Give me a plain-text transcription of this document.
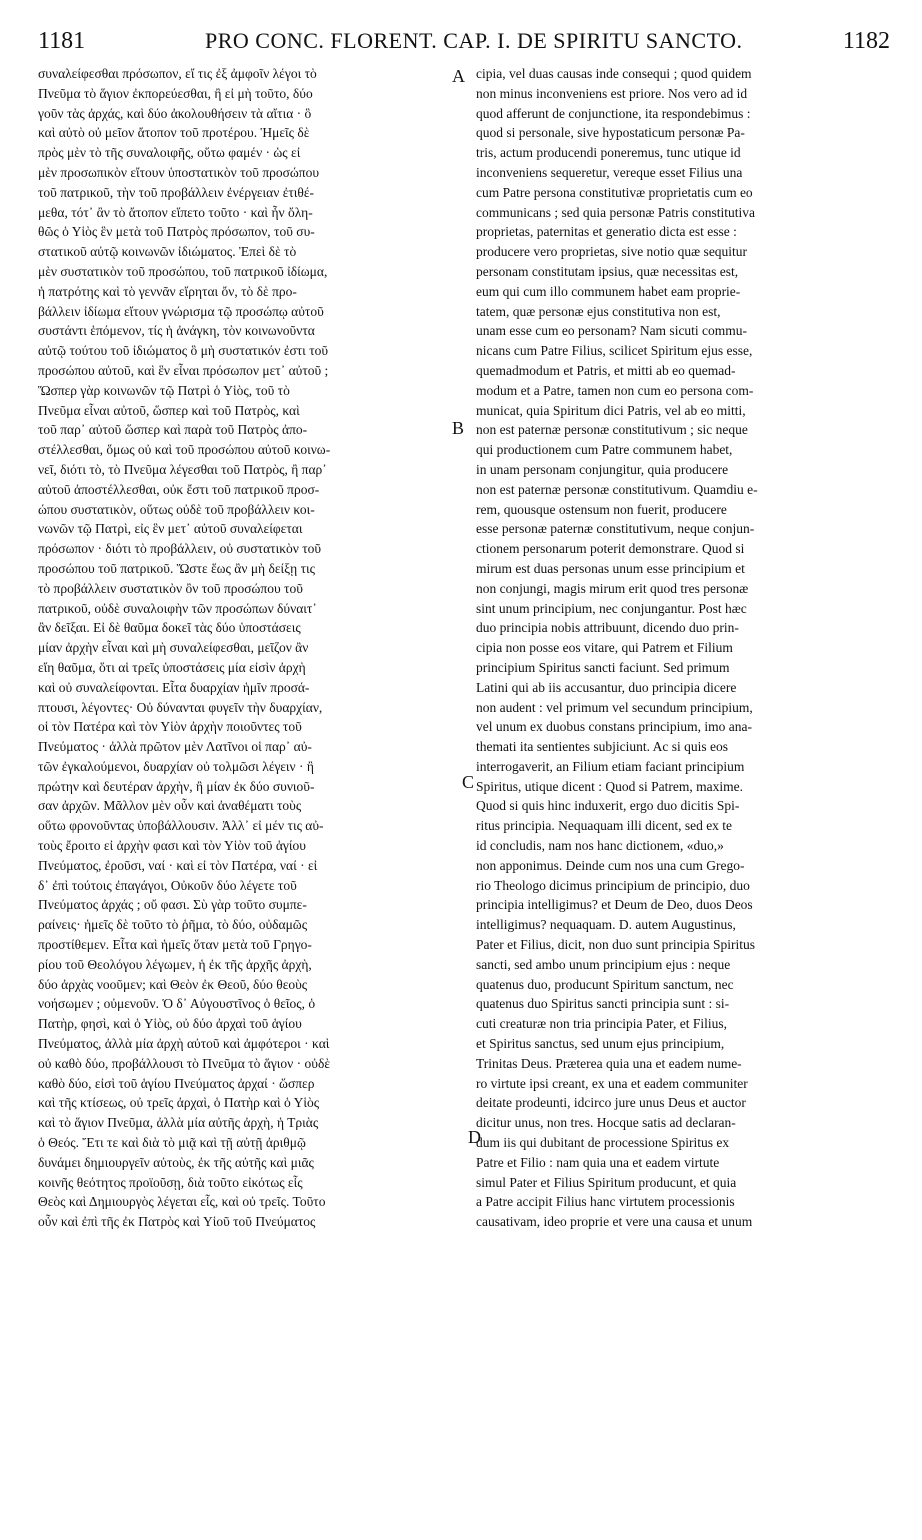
1181	PRO CONC. FLORENT. CAP. I. DE SPIRITU SANCTO.	1182
συναλείφεσθαι πρόσωπον, εἴ τις ἐξ ἀμφοῖν λέγοι τὸ
Πνεῦμα τὸ ἅγιον ἐκπορεύεσθαι, ἢ εἰ μὴ τοῦτο, δύο
γοῦν τὰς ἀρχάς, καὶ δύο ἀκολουθήσειν τὰ αἴτια · ὃ
καὶ αὐτὸ οὐ μεῖον ἄτοπον τοῦ προτέρου. Ἡμεῖς δὲ
πρὸς μὲν τὸ τῆς συναλοιφῆς, οὕτω φαμέν · ὡς εἰ
μὲν προσωπικὸν εἴτουν ὑποστατικὸν τοῦ προσώπου
τοῦ πατρικοῦ, τὴν τοῦ προβάλλειν ἐνέργειαν ἐτιθέ-
μεθα, τότ᾽ ἂν τὸ ἄτοπον εἵπετο τοῦτο · καὶ ἦν ὄλη-
θῶς ὁ Υἱὸς ἓν μετὰ τοῦ Πατρὸς πρόσωπον, τοῦ συ-
στατικοῦ αὐτῷ κοινωνῶν ἰδιώματος. Ἐπεὶ δὲ τὸ
μὲν συστατικὸν τοῦ προσώπου, τοῦ πατρικοῦ ἰδίωμα,
ἡ πατρότης καὶ τὸ γεννᾶν εἴρηται ὄν, τὸ δὲ προ-
βάλλειν ἰδίωμα εἴτουν γνώρισμα τῷ προσώπῳ αὐτοῦ
συστάντι ἑπόμενον, τίς ἡ ἀνάγκη, τὸν κοινωνοῦντα
αὐτῷ τούτου τοῦ ἰδιώματος ὃ μὴ συστατικόν ἐστι τοῦ
προσώπου αὐτοῦ, καὶ ἓν εἶναι πρόσωπον μετ᾽ αὐτοῦ ;
Ὥσπερ γὰρ κοινωνῶν τῷ Πατρὶ ὁ Υἱὸς, τοῦ τὸ
Πνεῦμα εἶναι αὐτοῦ, ὥσπερ καὶ τοῦ Πατρὸς, καὶ
τοῦ παρ᾽ αὐτοῦ ὥσπερ καὶ παρὰ τοῦ Πατρὸς ἀπο-
στέλλεσθαι, ὅμως οὐ καὶ τοῦ προσώπου αὐτοῦ κοινω-
νεῖ, διότι τὸ, τὸ Πνεῦμα λέγεσθαι τοῦ Πατρὸς, ἢ παρ᾽
αὐτοῦ ἀποστέλλεσθαι, οὐκ ἔστι τοῦ πατρικοῦ προσ-
ώπου συστατικὸν, οὕτως οὐδὲ τοῦ προβάλλειν κοι-
νωνῶν τῷ Πατρὶ, εἰς ἓν μετ᾽ αὐτοῦ συναλείφεται
πρόσωπον · διότι τὸ προβάλλειν, οὐ συστατικὸν τοῦ
προσώπου τοῦ πατρικοῦ. Ὥστε ἕως ἂν μὴ δείξῃ τις
τὸ προβάλλειν συστατικὸν ὂν τοῦ προσώπου τοῦ
πατρικοῦ, οὐδὲ συναλοιφὴν τῶν προσώπων δύναιτ᾽
ἂν δεῖξαι. Εἰ δὲ θαῦμα δοκεῖ τὰς δύο ὑποστάσεις
μίαν ἀρχὴν εἶναι καὶ μὴ συναλείφεσθαι, μεῖζον ἂν
εἴη θαῦμα, ὅτι αἱ τρεῖς ὑποστάσεις μία εἰσὶν ἀρχὴ
καὶ οὐ συναλείφονται. Εἶτα δυαρχίαν ἡμῖν προσά-
πτουσι, λέγοντες· Οὐ δύνανται φυγεῖν τὴν δυαρχίαν,
οἱ τὸν Πατέρα καὶ τὸν Υἱὸν ἀρχὴν ποιοῦντες τοῦ
Πνεύματος · ἀλλὰ πρῶτον μὲν Λατῖνοι οἱ παρ᾽ αὐ-
τῶν ἐγκαλούμενοι, δυαρχίαν οὐ τολμῶσι λέγειν · ἢ
πρώτην καὶ δευτέραν ἀρχὴν, ἢ μίαν ἐκ δύο συνιοῦ-
σαν ἀρχῶν. Μᾶλλον μὲν οὖν καὶ ἀναθέματι τοὺς
οὕτω φρονοῦντας ὑποβάλλουσιν. Ἀλλ᾽ εἰ μέν τις αὐ-
τοὺς ἔροιτο εἰ ἀρχὴν φασι καὶ τὸν Υἱὸν τοῦ ἁγίου
Πνεύματος, ἐροῦσι, ναί · καὶ εἰ τὸν Πατέρα, ναί · εἰ
δ᾽ ἐπὶ τούτοις ἐπαγάγοι, Οὐκοῦν δύο λέγετε τοῦ
Πνεύματος ἀρχάς ; οὔ φασι. Σὺ γὰρ τοῦτο συμπε-
ραίνεις· ἡμεῖς δὲ τοῦτο τὸ ῥῆμα, τὸ δύο, οὐδαμῶς
προστίθεμεν. Εἶτα καὶ ἡμεῖς ὅταν μετὰ τοῦ Γρηγο-
ρίου τοῦ Θεολόγου λέγωμεν, ἡ ἐκ τῆς ἀρχῆς ἀρχὴ,
δύο ἀρχὰς νοοῦμεν; καὶ Θεὸν ἐκ Θεοῦ, δύο θεοὺς
νοήσωμεν ; οὐμενοῦν. Ὁ δ᾽ Αὐγουστῖνος ὁ θεῖος, ὁ
Πατὴρ, φησὶ, καὶ ὁ Υἱὸς, οὐ δύο ἀρχαὶ τοῦ ἁγίου
Πνεύματος, ἀλλὰ μία ἀρχὴ αὐτοῦ καὶ ἀμφότεροι · καὶ
οὐ καθὸ δύο, προβάλλουσι τὸ Πνεῦμα τὸ ἅγιον · οὐδὲ
καθὸ δύο, εἰσὶ τοῦ ἁγίου Πνεύματος ἀρχαί · ὥσπερ
καὶ τῆς κτίσεως, οὐ τρεῖς ἀρχαὶ, ὁ Πατὴρ καὶ ὁ Υἱὸς
καὶ τὸ ἅγιον Πνεῦμα, ἀλλὰ μία αὐτῆς ἀρχὴ, ἡ Τριὰς
ὁ Θεός. Ἔτι τε καὶ διὰ τὸ μιᾷ καὶ τῇ αὐτῇ ἀριθμῷ
δυνάμει δημιουργεῖν αὐτοὺς, ἐκ τῆς αὐτῆς καὶ μιᾶς
κοινῆς θεότητος προϊοῦσῃ, διὰ τοῦτο εἰκότως εἷς
Θεὸς καὶ Δημιουργὸς λέγεται εἷς, καὶ οὐ τρεῖς. Τοῦτο
οὖν καὶ ἐπὶ τῆς ἐκ Πατρὸς καὶ Υἱοῦ τοῦ Πνεύματος
cipia, vel duas causas inde consequi ; quod quidem
non minus inconveniens est priore. Nos vero ad id
quod afferunt de conjunctione, ita respondebimus :
quod si personale, sive hypostaticum personæ Pa-
tris, actum producendi poneremus, tunc utique id
inconveniens sequeretur, vereque esset Filius una
cum Patre persona constitutivæ proprietatis cum eo
communicans ; sed quia personæ Patris constitutiva
proprietas, paternitas et generatio dicta est esse :
producere vero proprietas, sive notio quæ sequitur
personam constitutam ipsius, quæ necessitas est,
eum qui cum illo communem habet eam proprie-
tatem, quæ personæ ejus constitutiva non est,
unam esse cum eo personam? Nam sicuti commu-
nicans cum Patre Filius, scilicet Spiritum ejus esse,
quemadmodum et Patris, et mitti ab eo quemad-
modum et a Patre, tamen non cum eo persona com-
municat, quia Spiritum dici Patris, vel ab eo mitti,
non est paternæ personæ constitutivum ; sic neque
qui productionem cum Patre communem habet,
in unam personam conjungitur, quia producere
non est paternæ personæ constitutivum. Quamdiu e-
rem, quousque ostensum non fuerit, producere
esse personæ paternæ constitutivum, neque conjun-
ctionem personarum poterit demonstrare. Quod si
mirum est duas personas unum esse principium et
non conjungi, magis mirum erit quod tres personæ
sint unum principium, nec conjungantur. Post hæc
duo principia nobis attribuunt, dicendo duo prin-
cipia non posse eos vitare, qui Patrem et Filium
principium Spiritus sancti faciunt. Sed primum
Latini qui ab iis accusantur, duo principia dicere
non audent : vel primum vel secundum principium,
vel unum ex duobus constans principium, imo ana-
themati ita sentientes subjiciunt. Ac si quis eos
interrogaverit, an Filium etiam faciant principium
Spiritus, utique dicent : Quod si Patrem, maxime.
Quod si quis hinc induxerit, ergo duo dicitis Spi-
ritus principia. Nequaquam illi dicent, sed ex te
id concludis, nam nos hanc dictionem, «duo,»
non apponimus. Deinde cum nos una cum Grego-
rio Theologo dicimus principium de principio, duo
principia intelligimus? et Deum de Deo, duos Deos
intelligimus? nequaquam. D. autem Augustinus,
Pater et Filius, dicit, non duo sunt principia Spiritus
sancti, sed ambo unum principium ejus : neque
quatenus duo, producunt Spiritum sanctum, nec
quatenus duo Spiritus sancti principia sunt : si-
cuti creaturæ non tria principia Pater, et Filius,
et Spiritus sanctus, sed unum ejus principium,
Trinitas Deus. Præterea quia una et eadem nume-
ro virtute ipsi creant, ex una et eadem communiter
deitate prodeunti, idcirco jure unus Deus et auctor
dicitur unus, non tres. Hocque satis ad declaran-
dum iis qui dubitant de processione Spiritus ex
Patre et Filio : nam quia una et eadem virtute
simul Pater et Filius Spiritum producunt, et quia
a Patre accipit Filius hanc virtutem processionis
causativam, ideo proprie et vere una causa et unum
A
B
C
D
